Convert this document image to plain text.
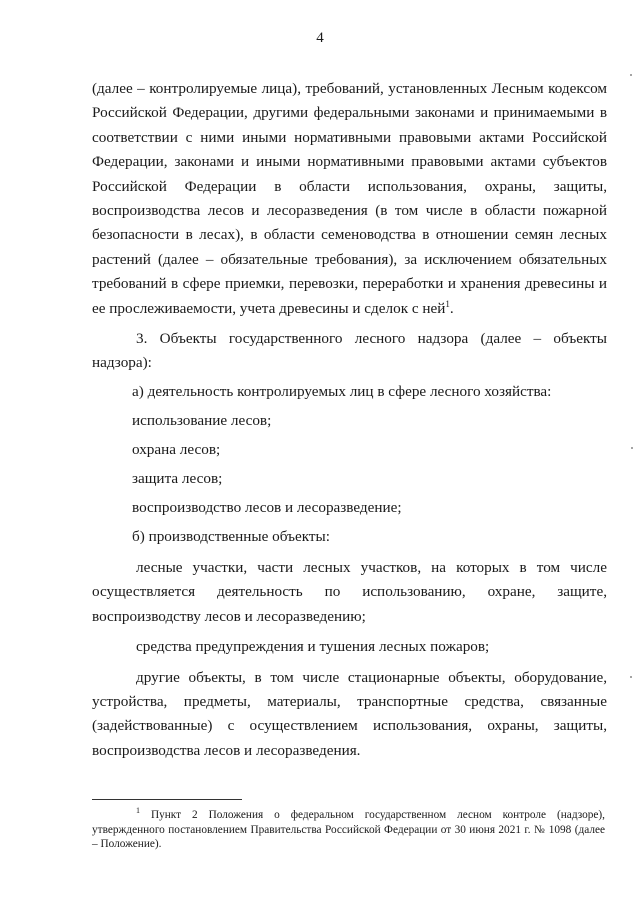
4

(далее – контролируемые лица), требований, установленных Лесным кодексом Российской Федерации, другими федеральными законами и принимаемыми в соответствии с ними иными нормативными правовыми актами Российской Федерации, законами и иными нормативными правовыми актами субъектов Российской Федерации в области использования, охраны, защиты, воспроизводства лесов и лесоразведения (в том числе в области пожарной безопасности в лесах), в области семеноводства в отношении семян лесных растений (далее – обязательные требования), за исключением обязательных требований в сфере приемки, перевозки, переработки и хранения древесины и ее прослеживаемости, учета древесины и сделок с ней$^1$.

3. Объекты государственного лесного надзора (далее – объекты надзора):

а) деятельность контролируемых лиц в сфере лесного хозяйства:

использование лесов;

охрана лесов;

защита лесов;

воспроизводство лесов и лесоразведение;

б) производственные объекты:

лесные участки, части лесных участков, на которых в том числе осуществляется деятельность по использованию, охране, защите, воспроизводству лесов и лесоразведению;

средства предупреждения и тушения лесных пожаров;

другие объекты, в том числе стационарные объекты, оборудование, устройства, предметы, материалы, транспортные средства, связанные (задействованные) с осуществлением использования, охраны, защиты, воспроизводства лесов и лесоразведения.

$^1$ Пункт 2 Положения о федеральном государственном лесном контроле (надзоре), утвержденного постановлением Правительства Российской Федерации от 30 июня 2021 г. № 1098 (далее – Положение).
